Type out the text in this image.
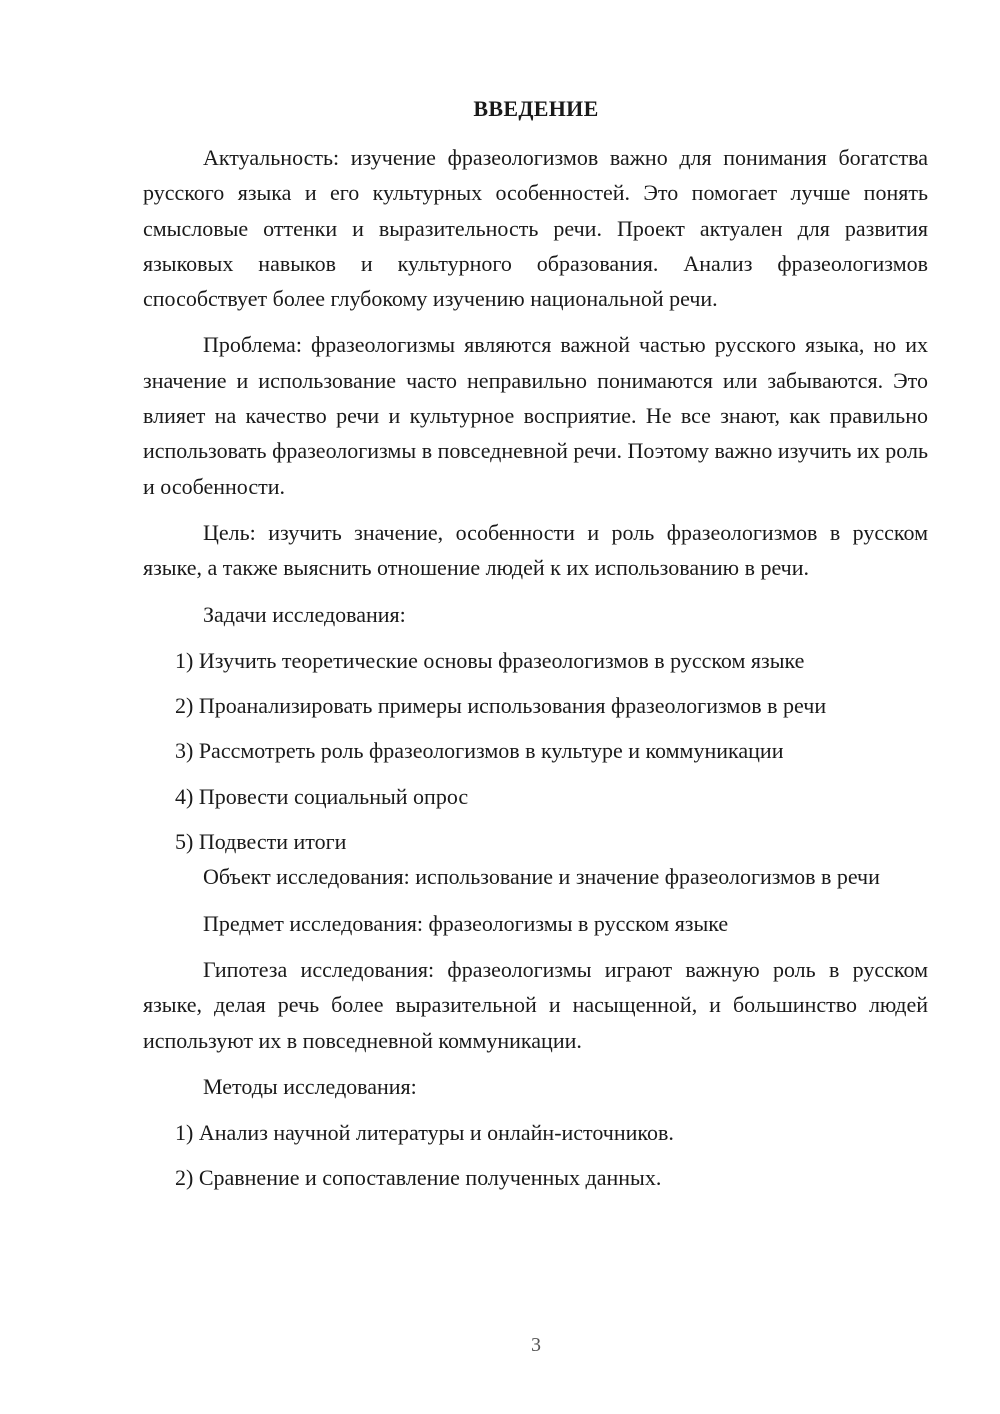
ВВЕДЕНИЕ

Актуальность: изучение фразеологизмов важно для понимания богатства русского языка и его культурных особенностей. Это помогает лучше понять смысловые оттенки и выразительность речи. Проект актуален для развития языковых навыков и культурного образования. Анализ фразеологизмов способствует более глубокому изучению национальной речи.

Проблема: фразеологизмы являются важной частью русского языка, но их значение и использование часто неправильно понимаются или забываются. Это влияет на качество речи и культурное восприятие. Не все знают, как правильно использовать фразеологизмы в повседневной речи. Поэтому важно изучить их роль и особенности.

Цель: изучить значение, особенности и роль фразеологизмов в русском языке, а также выяснить отношение людей к их использованию в речи.

Задачи исследования:

1) Изучить теоретические основы фразеологизмов в русском языке

2) Проанализировать примеры использования фразеологизмов в речи

3) Рассмотреть роль фразеологизмов в культуре и коммуникации

4) Провести социальный опрос

5) Подвести итоги

Объект исследования: использование и значение фразеологизмов в речи

Предмет исследования: фразеологизмы в русском языке

Гипотеза исследования: фразеологизмы играют важную роль в русском языке, делая речь более выразительной и насыщенной, и большинство людей используют их в повседневной коммуникации.

Методы исследования:

1) Анализ научной литературы и онлайн-источников.

2) Сравнение и сопоставление полученных данных.

3
